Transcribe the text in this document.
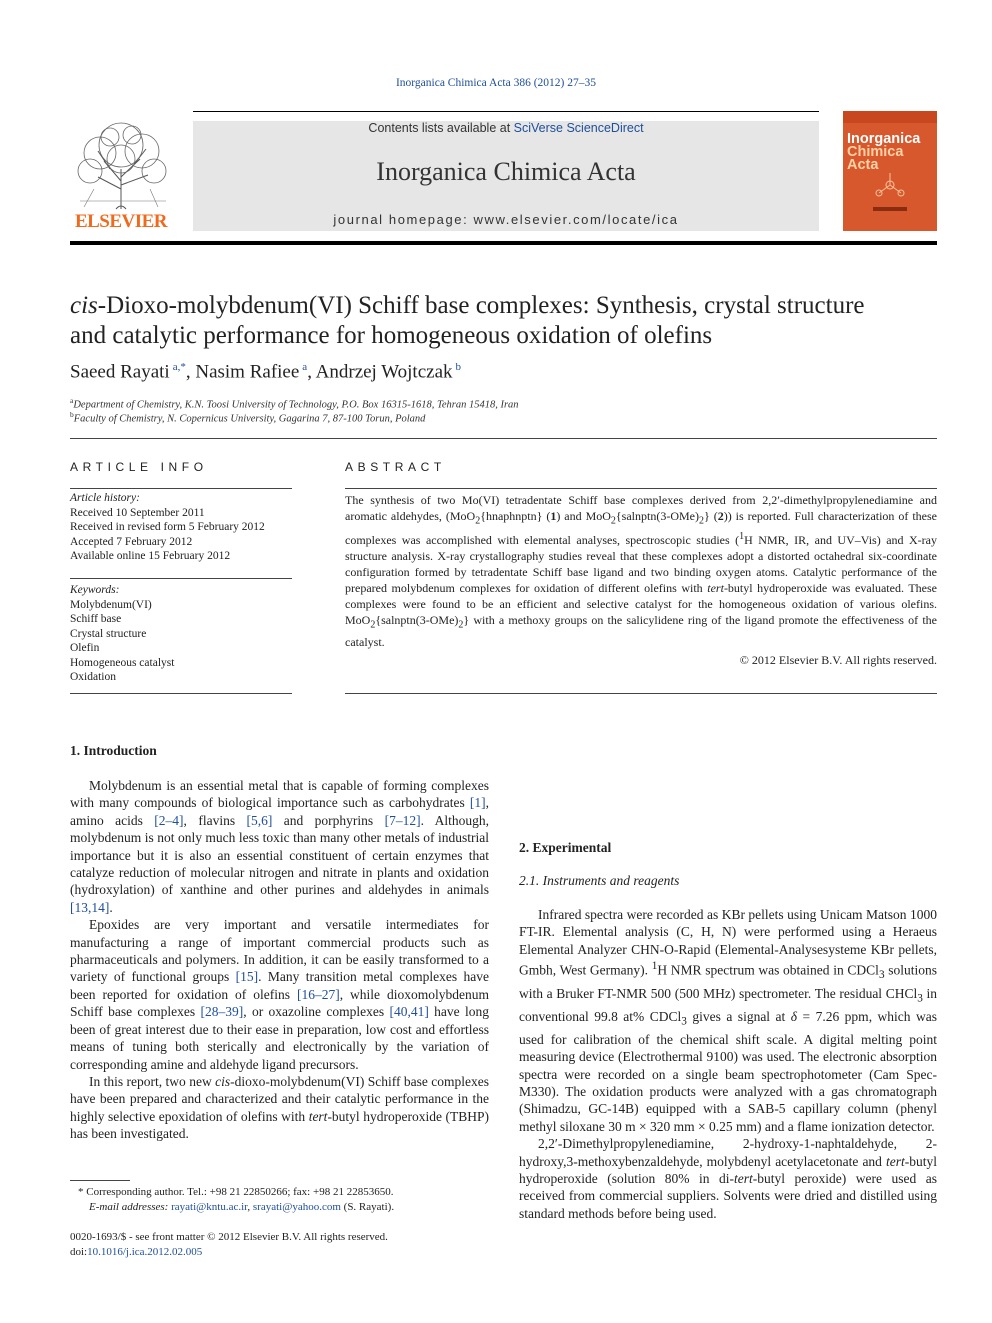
Inorganica Chimica Acta 386 (2012) 27–35
ELSEVIER
Contents lists available at SciVerse ScienceDirect
Inorganica Chimica Acta
journal homepage: www.elsevier.com/locate/ica
Inorganica
Chimica Acta
cis-Dioxo-molybdenum(VI) Schiff base complexes: Synthesis, crystal structure
and catalytic performance for homogeneous oxidation of olefins
Saeed Rayati $^{a,*}$, Nasim Rafiee $^a$, Andrzej Wojtczak $^b$
$^a$Department of Chemistry, K.N. Toosi University of Technology, P.O. Box 16315-1618, Tehran 15418, Iran
$^b$Faculty of Chemistry, N. Copernicus University, Gagarina 7, 87-100 Torun, Poland
ARTICLE INFO
Article history:
Received 10 September 2011
Received in revised form 5 February 2012
Accepted 7 February 2012
Available online 15 February 2012
Keywords:
Molybdenum(VI)
Schiff base
Crystal structure
Olefin
Homogeneous catalyst
Oxidation
ABSTRACT
The synthesis of two Mo(VI) tetradentate Schiff base complexes derived from 2,2′-dimethylpropylenediamine and aromatic aldehydes, (MoO$_2${hnaphnptn} (1) and $MoO_2\{salnptn(3-OMe)_2\}$ (2)) is reported. Full characterization of these complexes was accomplished with elemental analyses, spectroscopic studies ($^1$H NMR, IR, and UV–Vis) and X-ray structure analysis. X-ray crystallography studies reveal that these complexes adopt a distorted octahedral six-coordinate configuration formed by tetradentate Schiff base ligand and two binding oxygen atoms. Catalytic performance of the prepared molybdenum complexes for oxidation of different olefins with tert-butyl hydroperoxide was evaluated. These complexes were found to be an efficient and selective catalyst for the homogeneous oxidation of various olefins. $MoO_2\{salnptn(3-OMe)_2\}$ with a methoxy groups on the salicylidene ring of the ligand promote the effectiveness of the catalyst.
© 2012 Elsevier B.V. All rights reserved.
1. Introduction

Molybdenum is an essential metal that is capable of forming complexes with many compounds of biological importance such as carbohydrates [1], amino acids [2–4], flavins [5,6] and porphyrins [7–12]. Although, molybdenum is not only much less toxic than many other metals of industrial importance but it is also an essential constituent of certain enzymes that catalyze reduction of molecular nitrogen and nitrate in plants and oxidation (hydroxylation) of xanthine and other purines and aldehydes in animals [13,14].

Epoxides are very important and versatile intermediates for manufacturing a range of important commercial products such as pharmaceuticals and polymers. In addition, it can be easily transformed to a variety of functional groups [15]. Many transition metal complexes have been reported for oxidation of olefins [16–27], while dioxomolybdenum Schiff base complexes [28–39], or oxazoline complexes [40,41] have long been of great interest due to their ease in preparation, low cost and effortless means of tuning both sterically and electronically by the variation of corresponding amine and aldehyde ligand precursors.

In this report, two new cis-dioxo-molybdenum(VI) Schiff base complexes have been prepared and characterized and their catalytic performance in the highly selective epoxidation of olefins with tert-butyl hydroperoxide (TBHP) has been investigated.

* Corresponding author. Tel.: +98 21 22850266; fax: +98 21 22853650.
E-mail addresses: rayati@kntu.ac.ir, srayati@yahoo.com (S. Rayati).
0020-1693/$ - see front matter © 2012 Elsevier B.V. All rights reserved.
doi:10.1016/j.ica.2012.02.005
2. Experimental
2.1. Instruments and reagents

Infrared spectra were recorded as KBr pellets using Unicam Matson 1000 FT-IR. Elemental analysis (C, H, N) were performed using a Heraeus Elemental Analyzer CHN-O-Rapid (Elemental-Analysesysteme KBr pellets, Gmbh, West Germany). $^1$H NMR spectrum was obtained in CDCl$_3$ solutions with a Bruker FT-NMR 500 (500 MHz) spectrometer. The residual CHCl$_3$ in conventional 99.8 at% CDCl$_3$ gives a signal at δ = 7.26 ppm, which was used for calibration of the chemical shift scale. A digital melting point measuring device (Electrothermal 9100) was used. The electronic absorption spectra were recorded on a single beam spectrophotometer (Cam Spec-M330). The oxidation products were analyzed with a gas chromatograph (Shimadzu, GC-14B) equipped with a SAB-5 capillary column (phenyl methyl siloxane 30 m × 320 mm × 0.25 mm) and a flame ionization detector.

2,2′-Dimethylpropylenediamine, 2-hydroxy-1-naphtaldehyde, 2-hydroxy,3-methoxybenzaldehyde, molybdenyl acetylacetonate and tert-butyl hydroperoxide (solution 80% in di-tert-butyl peroxide) were used as received from commercial suppliers. Solvents were dried and distilled using standard methods before being used.
